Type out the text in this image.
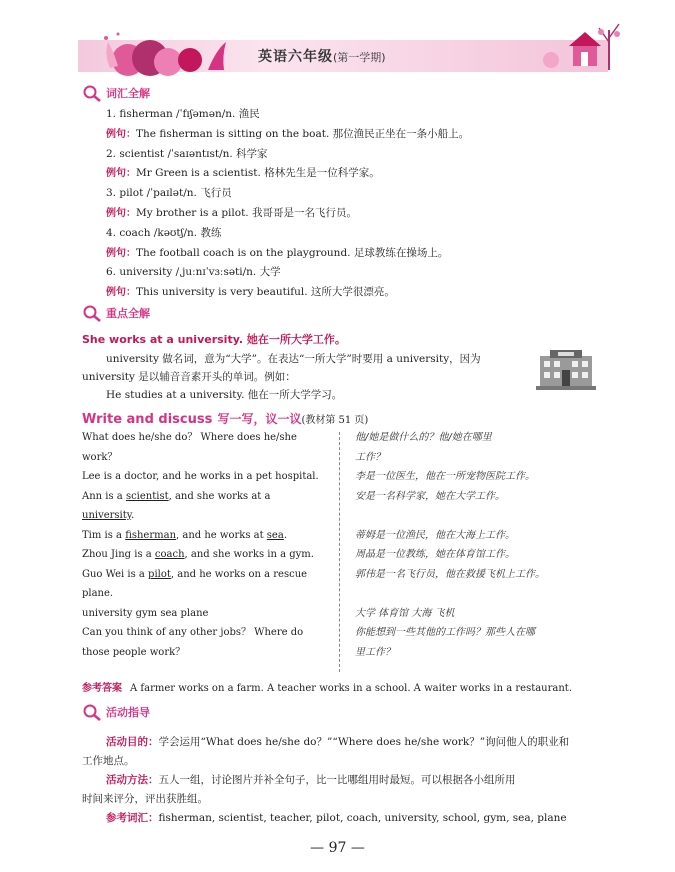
英语六年级(第一学期)
词汇全解
1. fisherman /ˈfɪʃəmən/n. 渔民
例句：The fisherman is sitting on the boat. 那位渔民正坐在一条小船上。
2. scientist /ˈsaɪəntɪst/n. 科学家
例句：Mr Green is a scientist. 格林先生是一位科学家。
3. pilot /ˈpaɪlət/n. 飞行员
例句：My brother is a pilot. 我哥哥是一名飞行员。
4. coach /kəʊtʃ/n. 教练
例句：The football coach is on the playground. 足球教练在操场上。
6. university /ˌjuːnɪˈvɜːsəti/n. 大学
例句：This university is very beautiful. 这所大学很漂亮。
重点全解
She works at a university. 她在一所大学工作。

university 做名词，意为“大学”。在表达“一所大学”时要用 a university，因为

university 是以辅音音素开头的单词。例如：

He studies at a university. 他在一所大学学习。

Write and discuss 写一写，议一议(教材第 51 页)
What does he/she do？ Where does he/she
work？
Lee is a doctor, and he works in a pet hospital.
Ann is a scientist, and she works at a
university.
Tim is a fisherman, and he works at sea.
Zhou Jing is a coach, and she works in a gym.
Guo Wei is a pilot, and he works on a rescue
plane.
university gym sea plane
Can you think of any other jobs？ Where do
those people work？
他/她是做什么的？他/她在哪里
工作？
李是一位医生，他在一所宠物医院工作。
安是一名科学家，她在大学工作。
蒂姆是一位渔民，他在大海上工作。
周晶是一位教练，她在体育馆工作。
郭伟是一名飞行员，他在救援飞机上工作。
大学 体育馆 大海 飞机
你能想到一些其他的工作吗？那些人在哪
里工作？
参考答案 A farmer works on a farm. A teacher works in a school. A waiter works in a restaurant.
活动指导

活动目的：学会运用“What does he/she do？”“Where does he/she work？”询问他人的职业和

工作地点。

活动方法：五人一组，讨论图片并补全句子，比一比哪组用时最短。可以根据各小组所用

时间来评分，评出获胜组。

参考词汇：fisherman, scientist, teacher, pilot, coach, university, school, gym, sea, plane

— 97 —
